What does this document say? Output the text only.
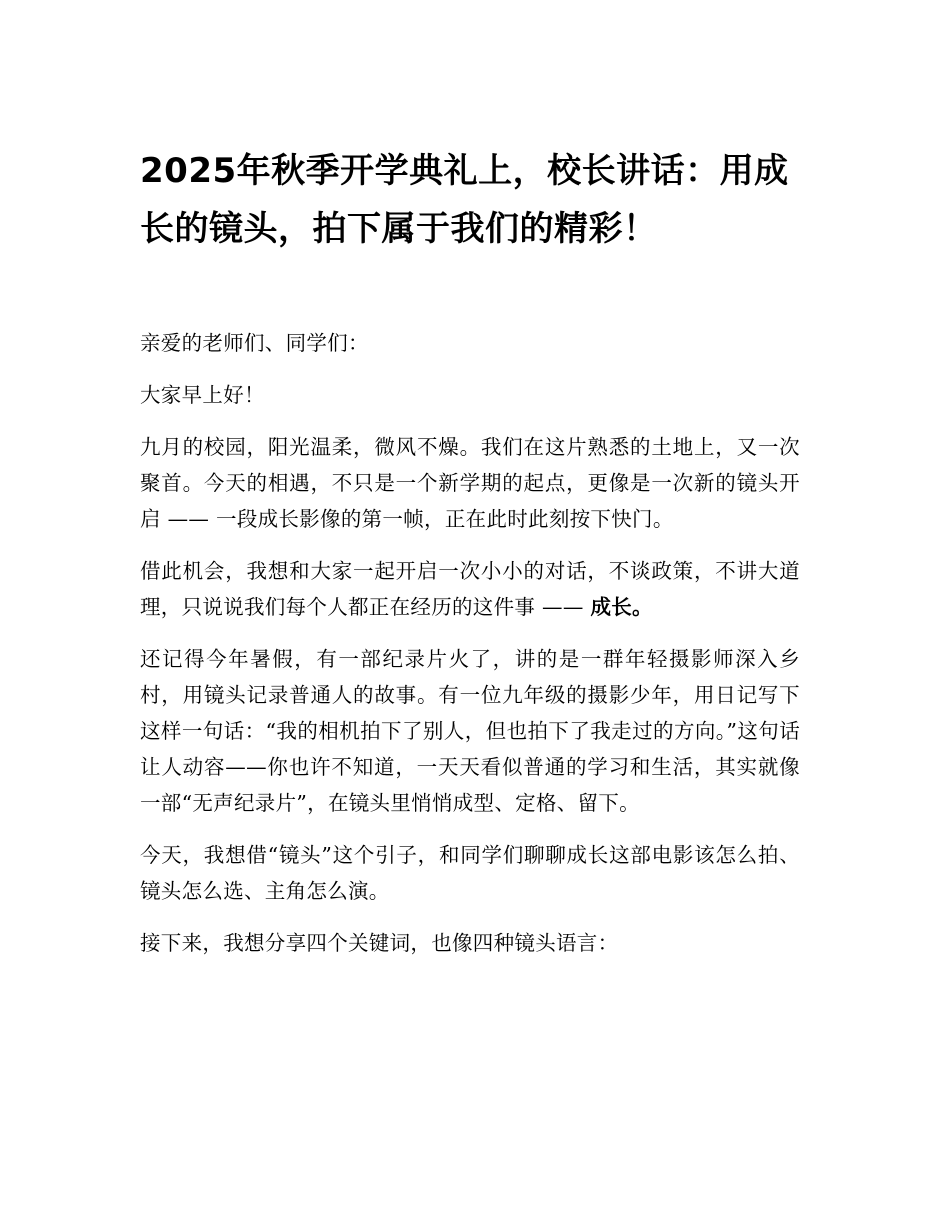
2025年秋季开学典礼上，校长讲话：用成长的镜头，拍下属于我们的精彩！

亲爱的老师们、同学们：

大家早上好！

九月的校园，阳光温柔，微风不燥。我们在这片熟悉的土地上，又一次聚首。今天的相遇，不只是一个新学期的起点，更像是一次新的镜头开启 —— 一段成长影像的第一帧，正在此时此刻按下快门。

借此机会，我想和大家一起开启一次小小的对话，不谈政策，不讲大道理，只说说我们每个人都正在经历的这件事 —— 成长。

还记得今年暑假，有一部纪录片火了，讲的是一群年轻摄影师深入乡村，用镜头记录普通人的故事。有一位九年级的摄影少年，用日记写下这样一句话：“我的相机拍下了别人，但也拍下了我走过的方向。”这句话让人动容——你也许不知道，一天天看似普通的学习和生活，其实就像一部“无声纪录片”，在镜头里悄悄成型、定格、留下。

今天，我想借“镜头”这个引子，和同学们聊聊成长这部电影该怎么拍、镜头怎么选、主角怎么演。

接下来，我想分享四个关键词，也像四种镜头语言：
